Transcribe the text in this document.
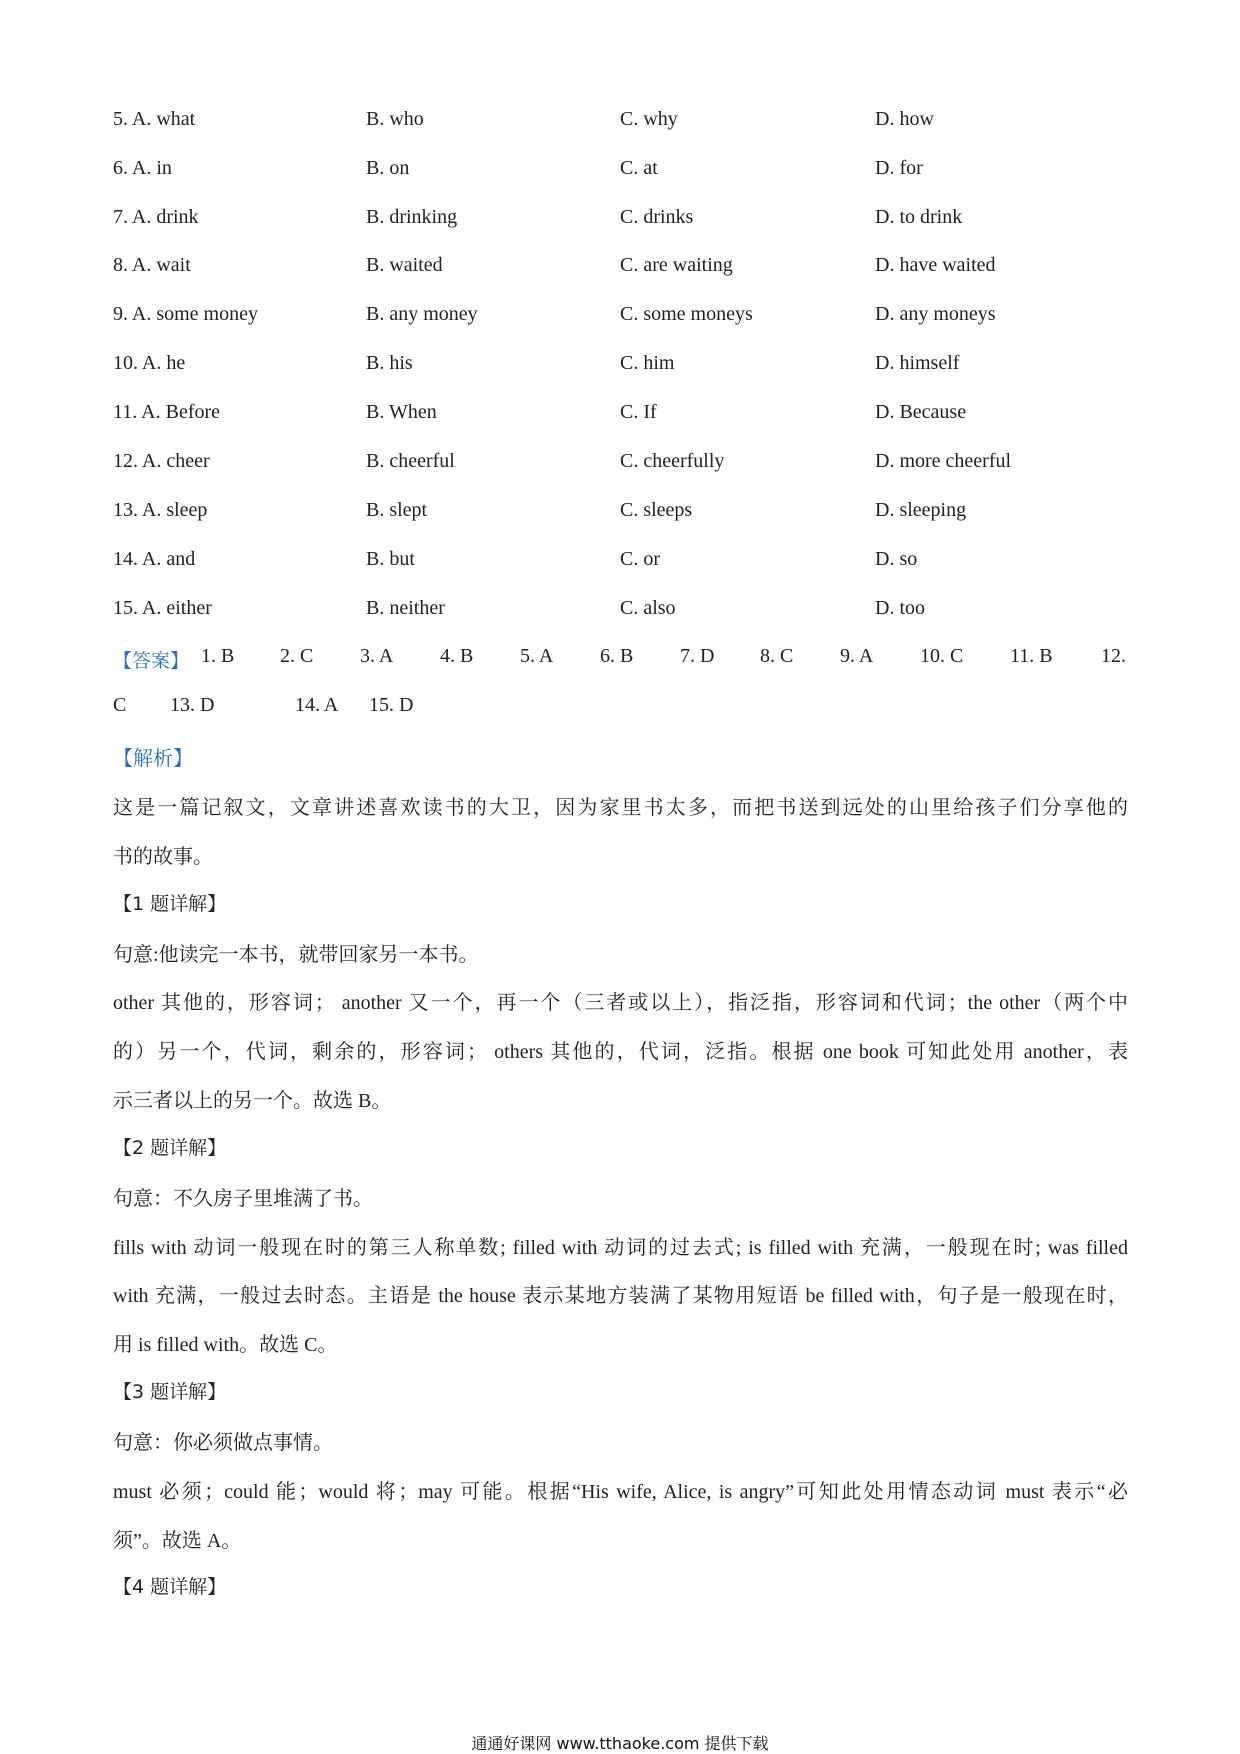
5. A. what	B. who	C. why	D. how
6. A. in	B. on	C. at	D. for
7. A. drink	B. drinking	C. drinks	D. to drink
8. A. wait	B. waited	C. are waiting	D. have waited
9. A. some money	B. any money	C. some moneys	D. any moneys
10. A. he	B. his	C. him	D. himself
11. A. Before	B. When	C. If	D. Because
12. A. cheer	B. cheerful	C. cheerfully	D. more cheerful
13. A. sleep	B. slept	C. sleeps	D. sleeping
14. A. and	B. but	C. or	D. so
15. A. either	B. neither	C. also	D. too
【答案】 1. B 2. C 3. A 4. B 5. A 6. B 7. D 8. C 9. A 10. C 11. B 12.
C 13. D	14. A 15. D
【解析】
这是一篇记叙文，文章讲述喜欢读书的大卫，因为家里书太多，而把书送到远处的山里给孩子们分享他的
书的故事。
【1 题详解】
句意:他读完一本书，就带回家另一本书。
other 其他的，形容词； another 又一个，再一个（三者或以上），指泛指，形容词和代词；the other（两个中
的）另一个，代词，剩余的，形容词； others 其他的，代词，泛指。根据 one book 可知此处用 another，表
示三者以上的另一个。故选 B。
【2 题详解】
句意：不久房子里堆满了书。
fills with 动词一般现在时的第三人称单数; filled with 动词的过去式; is filled with 充满，一般现在时; was filled
with 充满，一般过去时态。主语是 the house 表示某地方装满了某物用短语 be filled with，句子是一般现在时，
用 is filled with。故选 C。
【3 题详解】
句意：你必须做点事情。
must 必须；could 能；would 将；may 可能。根据“His wife, Alice, is angry”可知此处用情态动词 must 表示“必
须”。故选 A。
【4 题详解】
通通好课网 www.tthaoke.com 提供下载
